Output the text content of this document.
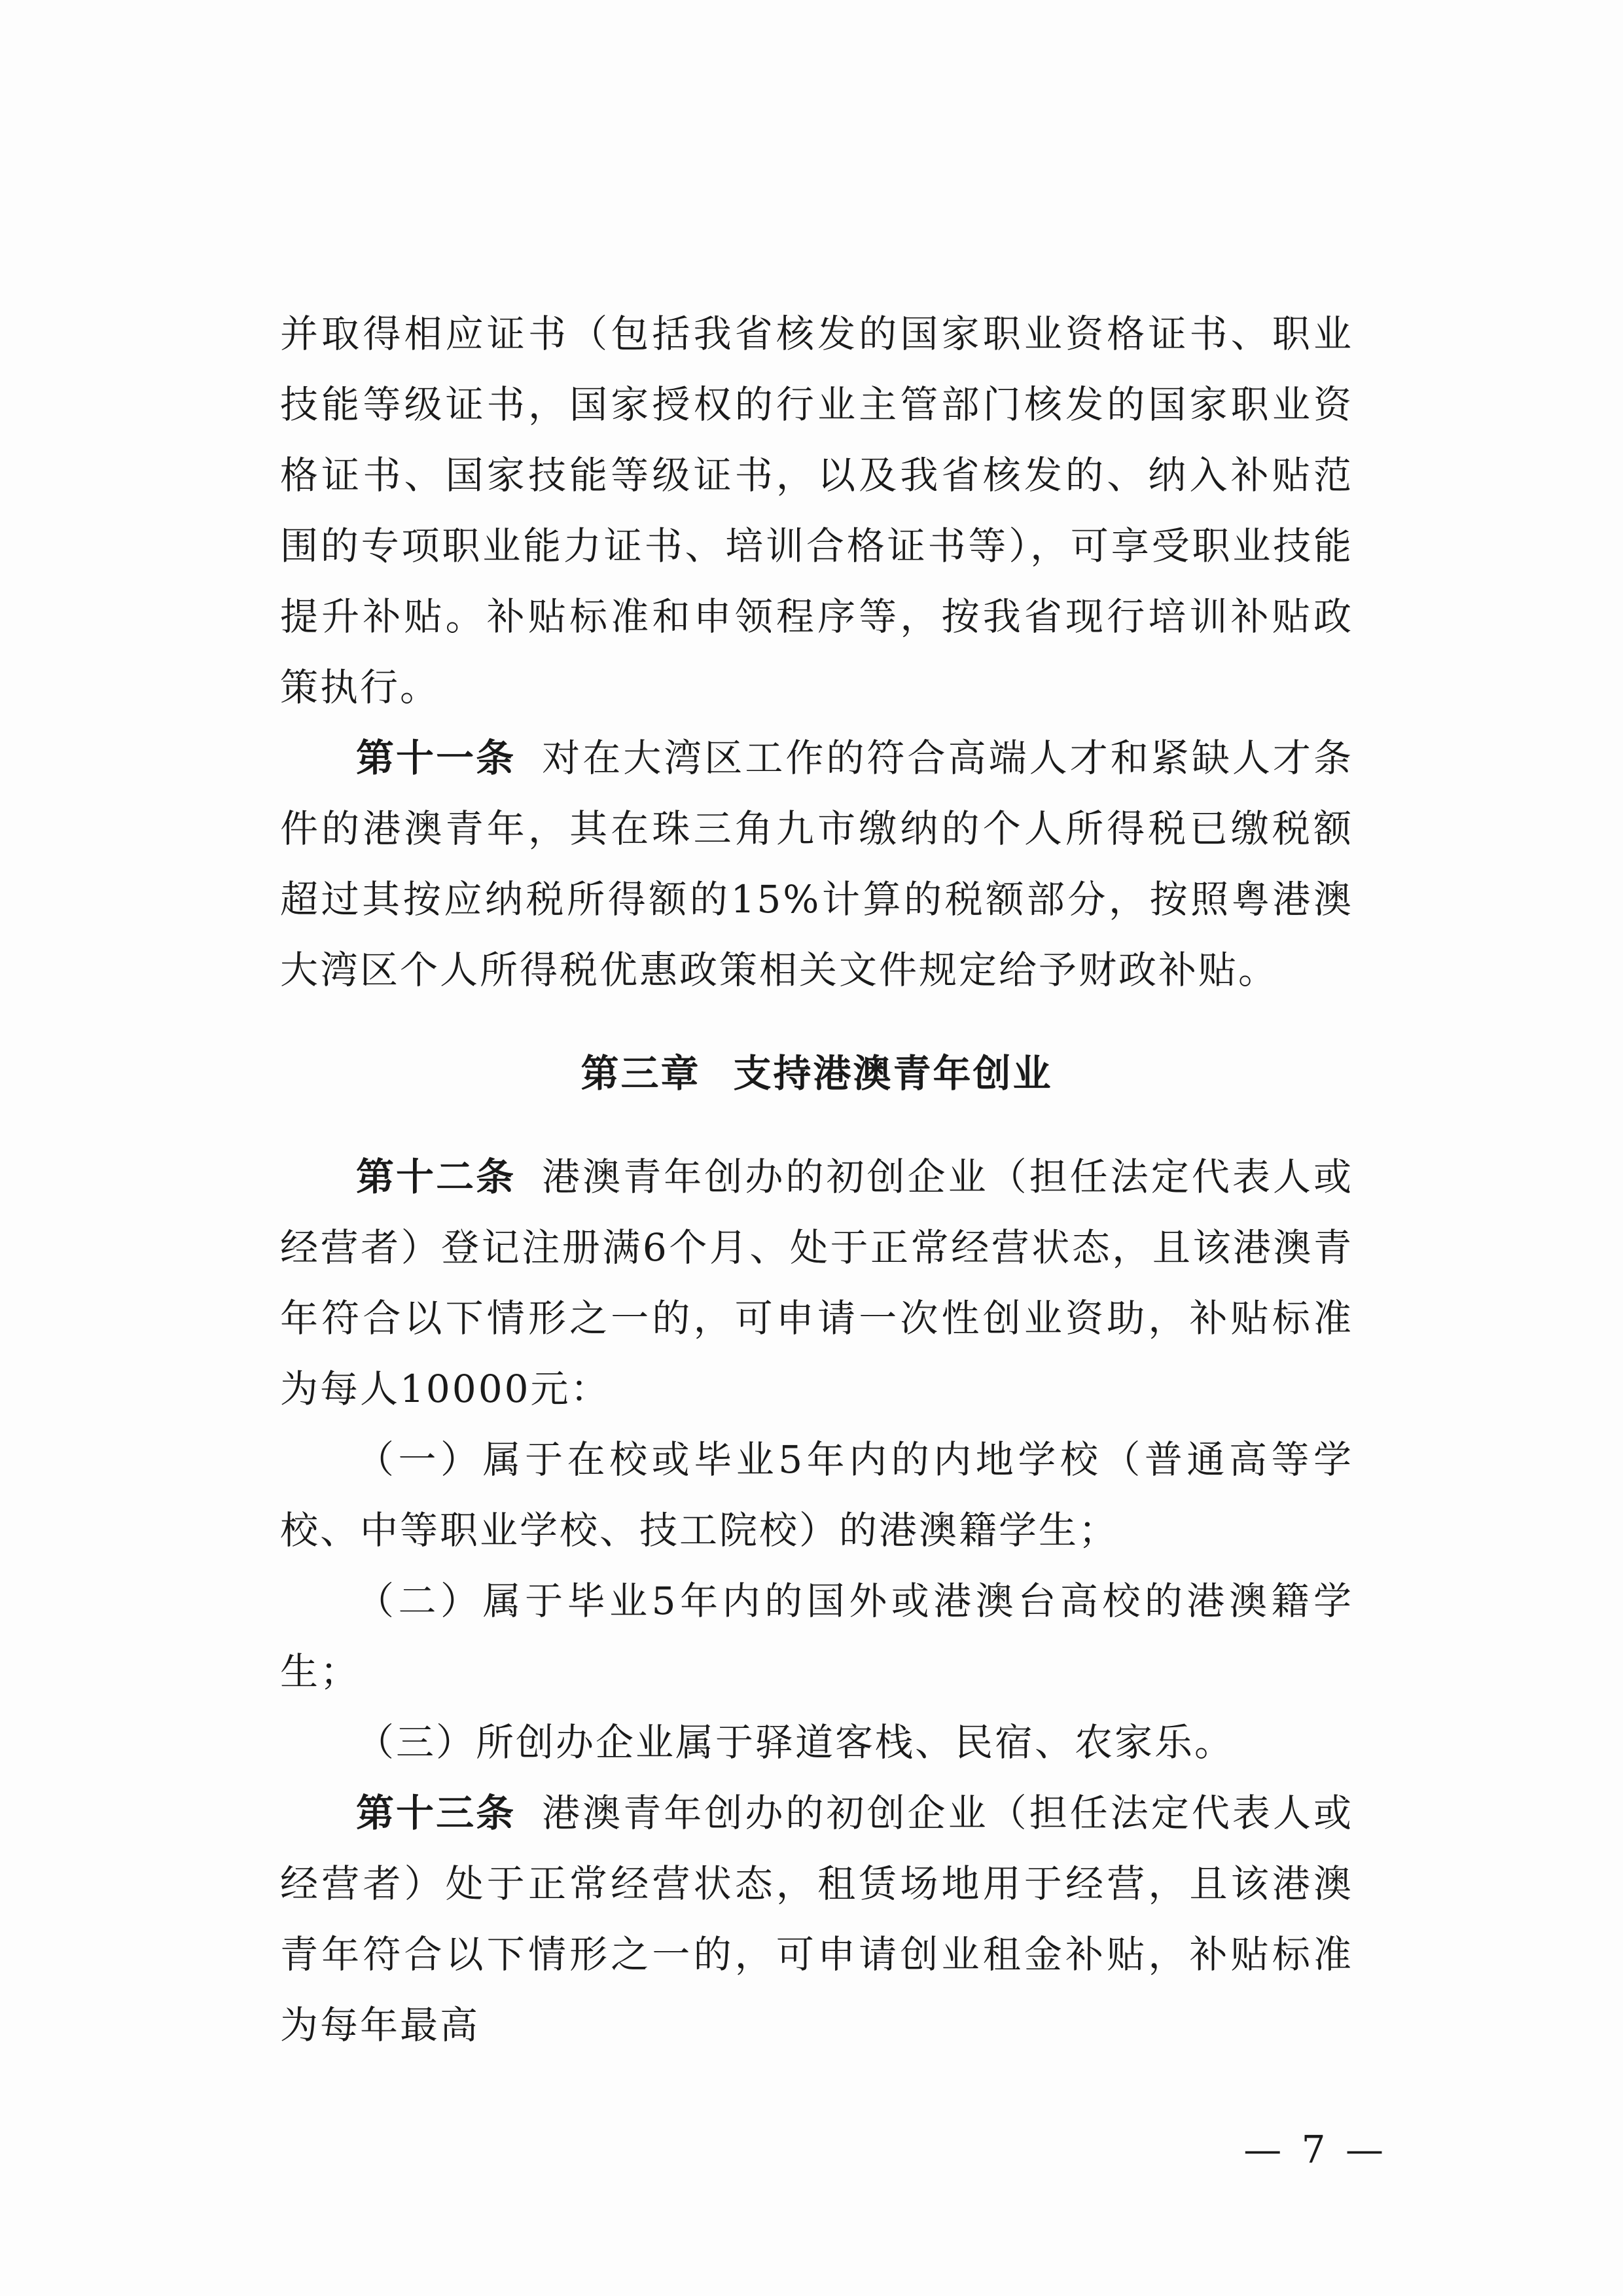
并取得相应证书（包括我省核发的国家职业资格证书、职业技能等级证书，国家授权的行业主管部门核发的国家职业资格证书、国家技能等级证书，以及我省核发的、纳入补贴范围的专项职业能力证书、培训合格证书等），可享受职业技能提升补贴。补贴标准和申领程序等，按我省现行培训补贴政策执行。

第十一条 对在大湾区工作的符合高端人才和紧缺人才条件的港澳青年，其在珠三角九市缴纳的个人所得税已缴税额超过其按应纳税所得额的15%计算的税额部分，按照粤港澳大湾区个人所得税优惠政策相关文件规定给予财政补贴。

第三章 支持港澳青年创业

第十二条 港澳青年创办的初创企业（担任法定代表人或经营者）登记注册满6个月、处于正常经营状态，且该港澳青年符合以下情形之一的，可申请一次性创业资助，补贴标准为每人10000元：

（一）属于在校或毕业5年内的内地学校（普通高等学校、中等职业学校、技工院校）的港澳籍学生；

（二）属于毕业5年内的国外或港澳台高校的港澳籍学生；

（三）所创办企业属于驿道客栈、民宿、农家乐。

第十三条 港澳青年创办的初创企业（担任法定代表人或经营者）处于正常经营状态，租赁场地用于经营，且该港澳青年符合以下情形之一的，可申请创业租金补贴，补贴标准为每年最高

— 7 —
